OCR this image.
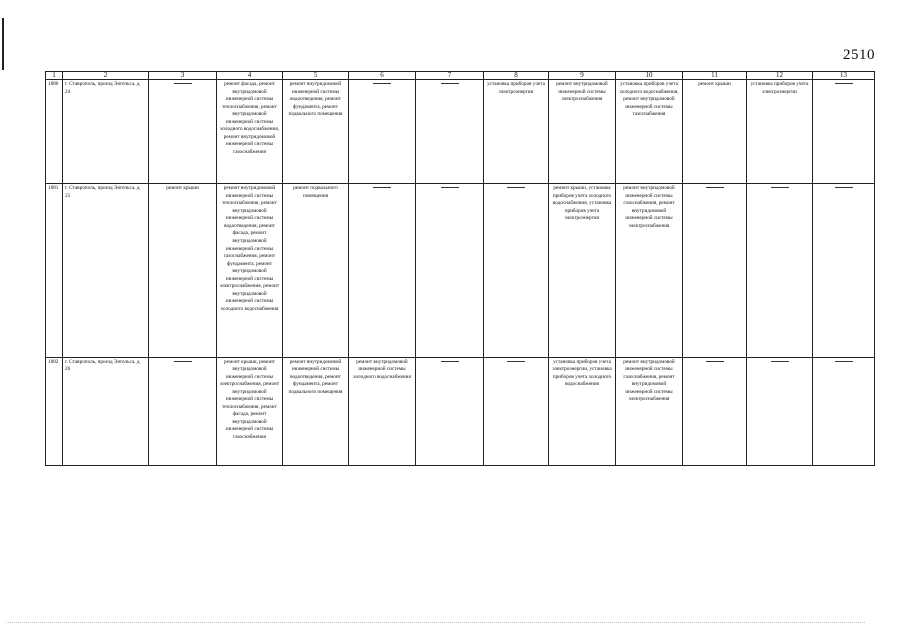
2510
1	2	3	4	5	6	7	8	9	10	11	12	13
1880	г. Ставрополь, проезд Энгельса, д. 24		ремонт фасада, ремонт внутридомовой инженерной системы теплоснабжения, ремонт внутридомовой инженерной системы холодного водоснабжения, ремонт внутридомовой инженерной системы газоснабжения	ремонт внутридомовой инженерной системы водоотведения, ремонт фундамента, ремонт подвального помещения			установка приборов учета электроэнергии	ремонт внутридомовой инженерной системы электроснабжения	установка приборов учета холодного водоснабжения, ремонт внутридомовой инженерной системы газоснабжения	ремонт крыши	установка приборов учета электроэнергии	

1881	г. Ставрополь, проезд Энгельса, д. 25	ремонт крыши	ремонт внутридомовой инженерной системы теплоснабжения, ремонт внутридомовой инженерной системы водоотведения, ремонт фасада, ремонт внутридомовой инженерной системы газоснабжения, ремонт фундамента, ремонт внутридомовой инженерной системы электроснабжения, ремонт внутридомовой инженерной системы холодного водоснабжения	ремонт подвального помещения				ремонт крыши, установка приборов учета холодного водоснабжения, установка приборов учета электроэнергии	ремонт внутридомовой инженерной системы газоснабжения, ремонт внутридомовой инженерной системы электроснабжения	

1882	г. Ставрополь, проезд Энгельса, д. 26		ремонт крыши, ремонт внутридомовой инженерной системы электроснабжения, ремонт внутридомовой инженерной системы теплоснабжения, ремонт фасада, ремонт внутридомовой инженерной системы газоснабжения	ремонт внутридомовой инженерной системы водоотведения, ремонт фундамента, ремонт подвального помещения	ремонт внутридомовой инженерной системы холодного водоснабжения			установка приборов учета электроэнергии, установка приборов учета холодного водоснабжения	ремонт внутридомовой инженерной системы газоснабжения, ремонт внутридомовой инженерной системы электроснабжения	
